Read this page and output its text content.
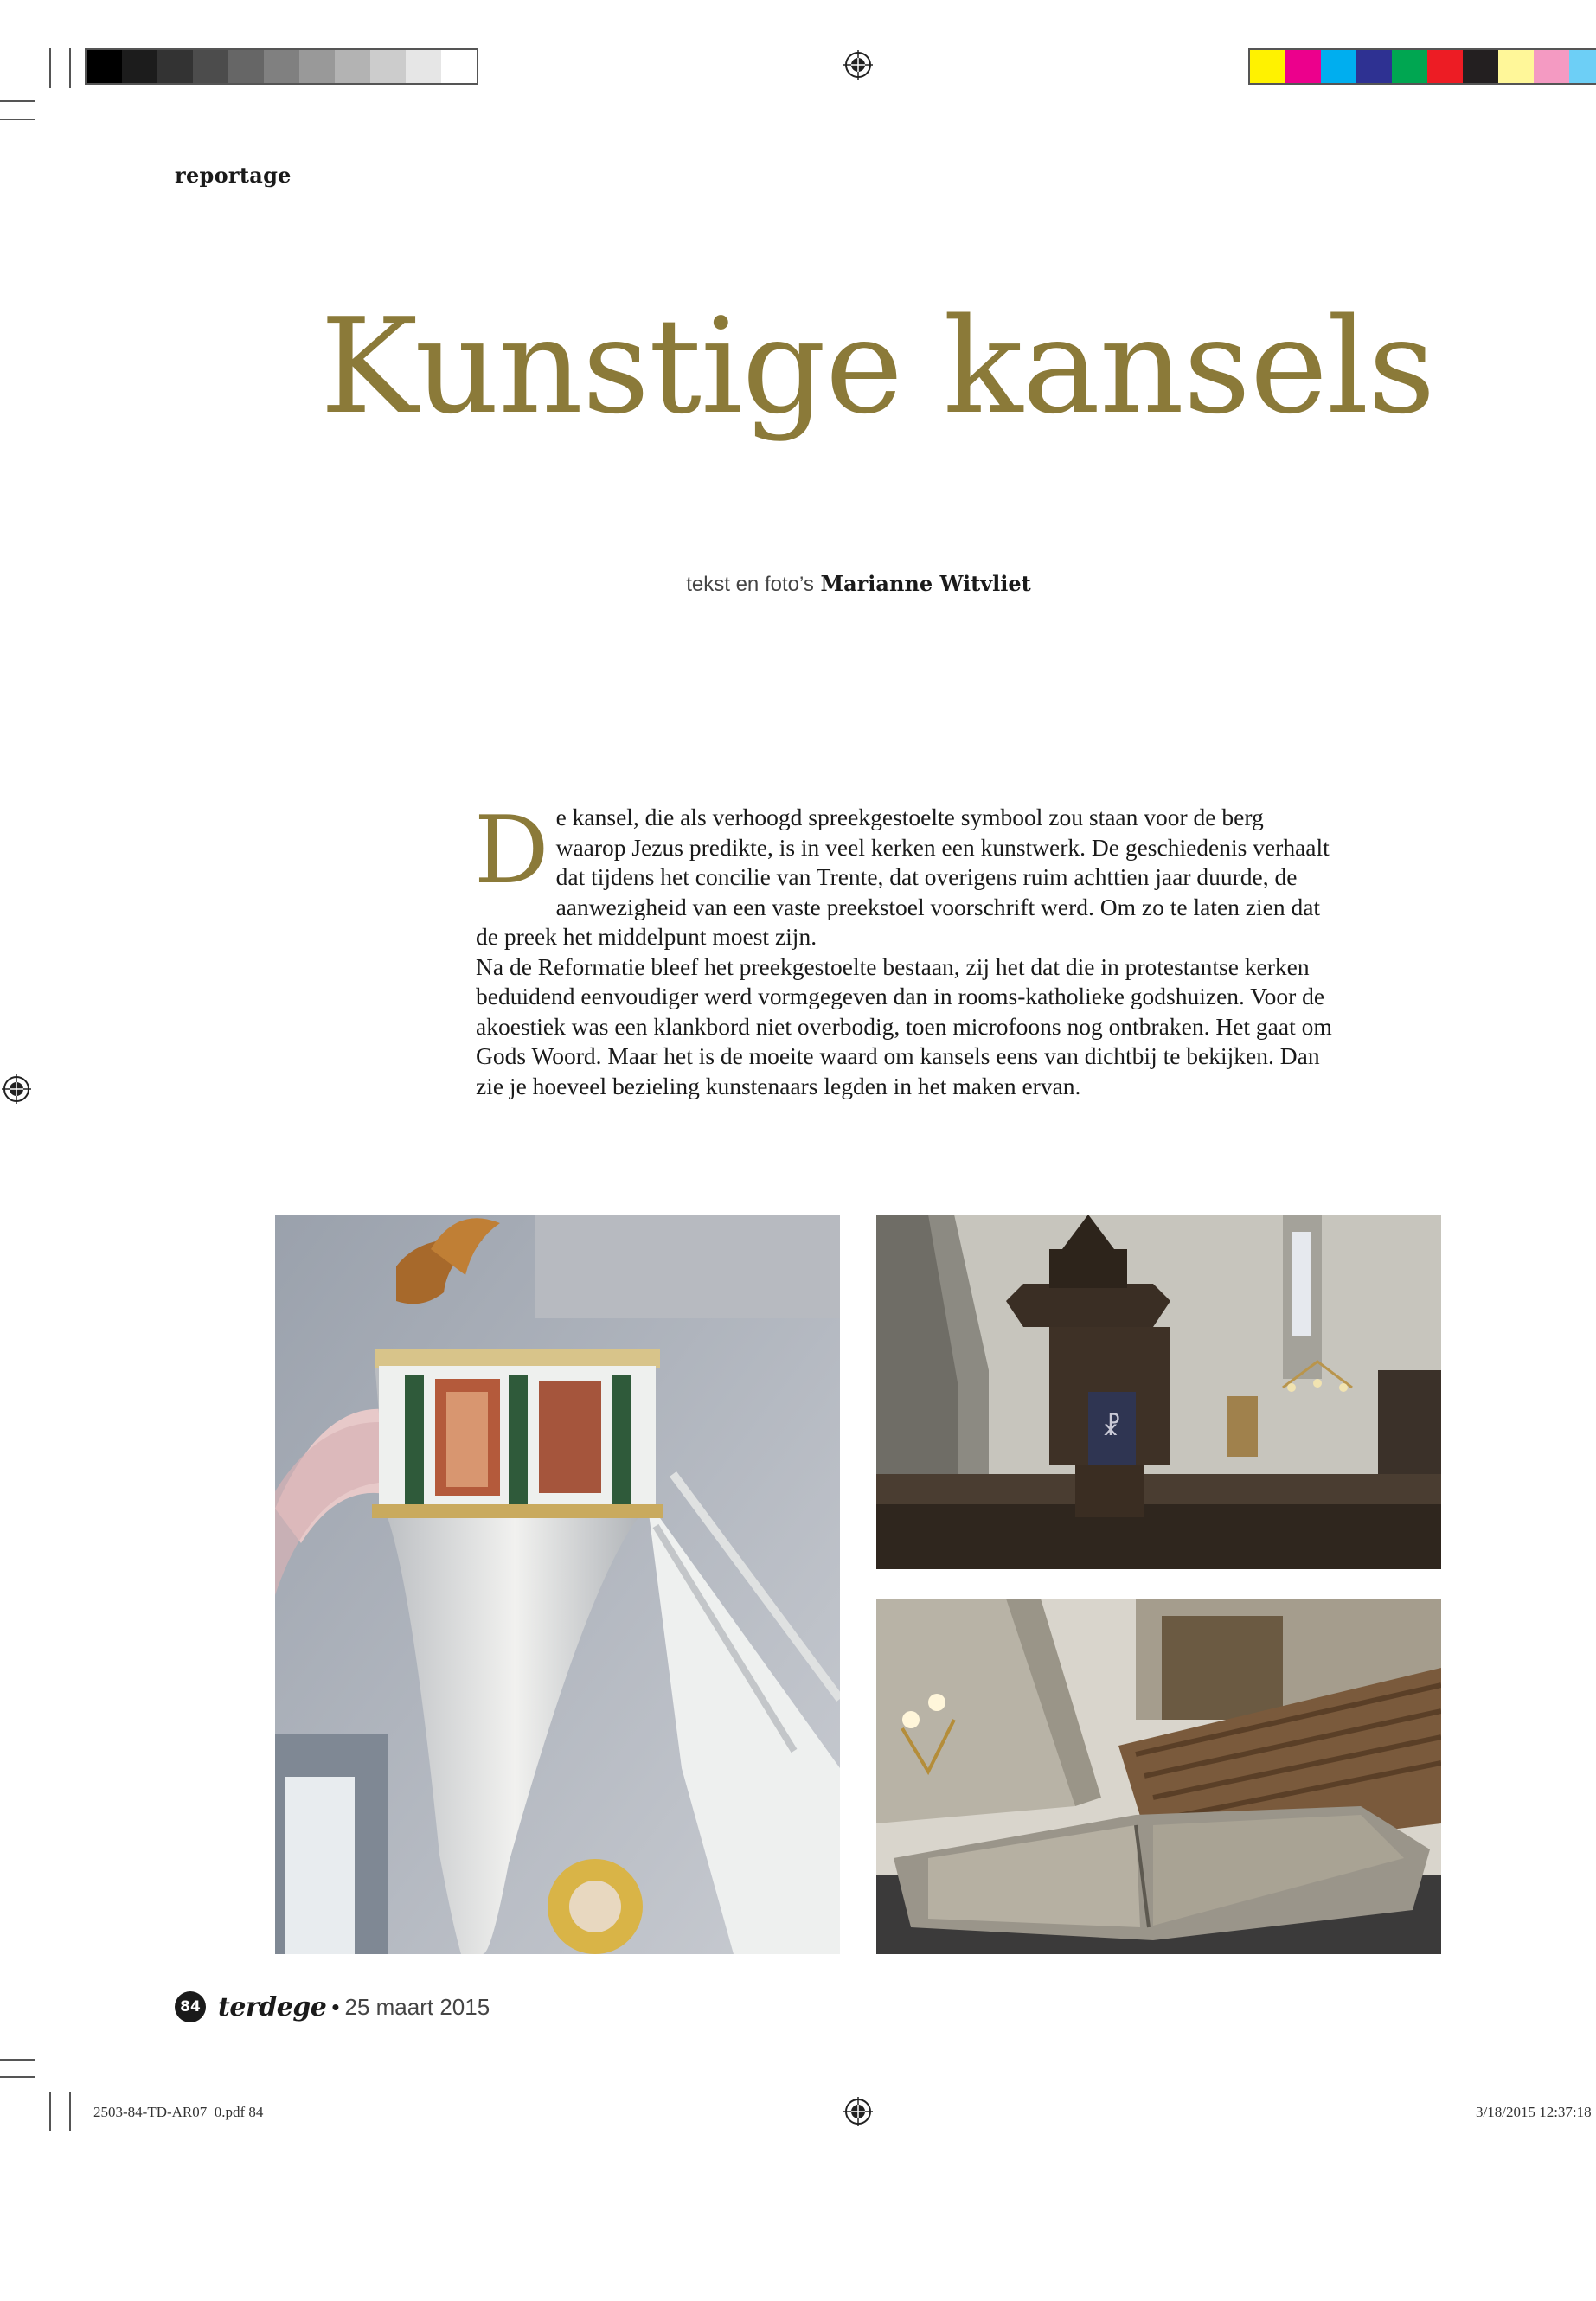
reportage
Kunstige kansels
tekst en foto’s Marianne Witvliet
D e kansel, die als verhoogd spreekgestoelte symbool zou staan voor de berg waarop Jezus predikte, is in veel kerken een kunstwerk. De geschiedenis verhaalt dat tijdens het concilie van Trente, dat overigens ruim achttien jaar duurde, de aanwezigheid van een vaste preekstoel voorschrift werd. Om zo te laten zien dat de preek het middelpunt moest zijn.

Na de Reformatie bleef het preekgestoelte bestaan, zij het dat die in protestantse kerken beduidend eenvoudiger werd vormgegeven dan in rooms-katholieke godshuizen. Voor de akoestiek was een klankbord niet overbodig, toen microfoons nog ontbraken. Het gaat om Gods Woord. Maar het is de moeite waard om kansels eens van dichtbij te bekijken. Dan zie je hoeveel bezieling kunstenaars legden in het maken ervan.

☧
84 terdege • 25 maart 2015
2503-84-TD-AR07_0.pdf 84	3/18/2015 12:37:18
